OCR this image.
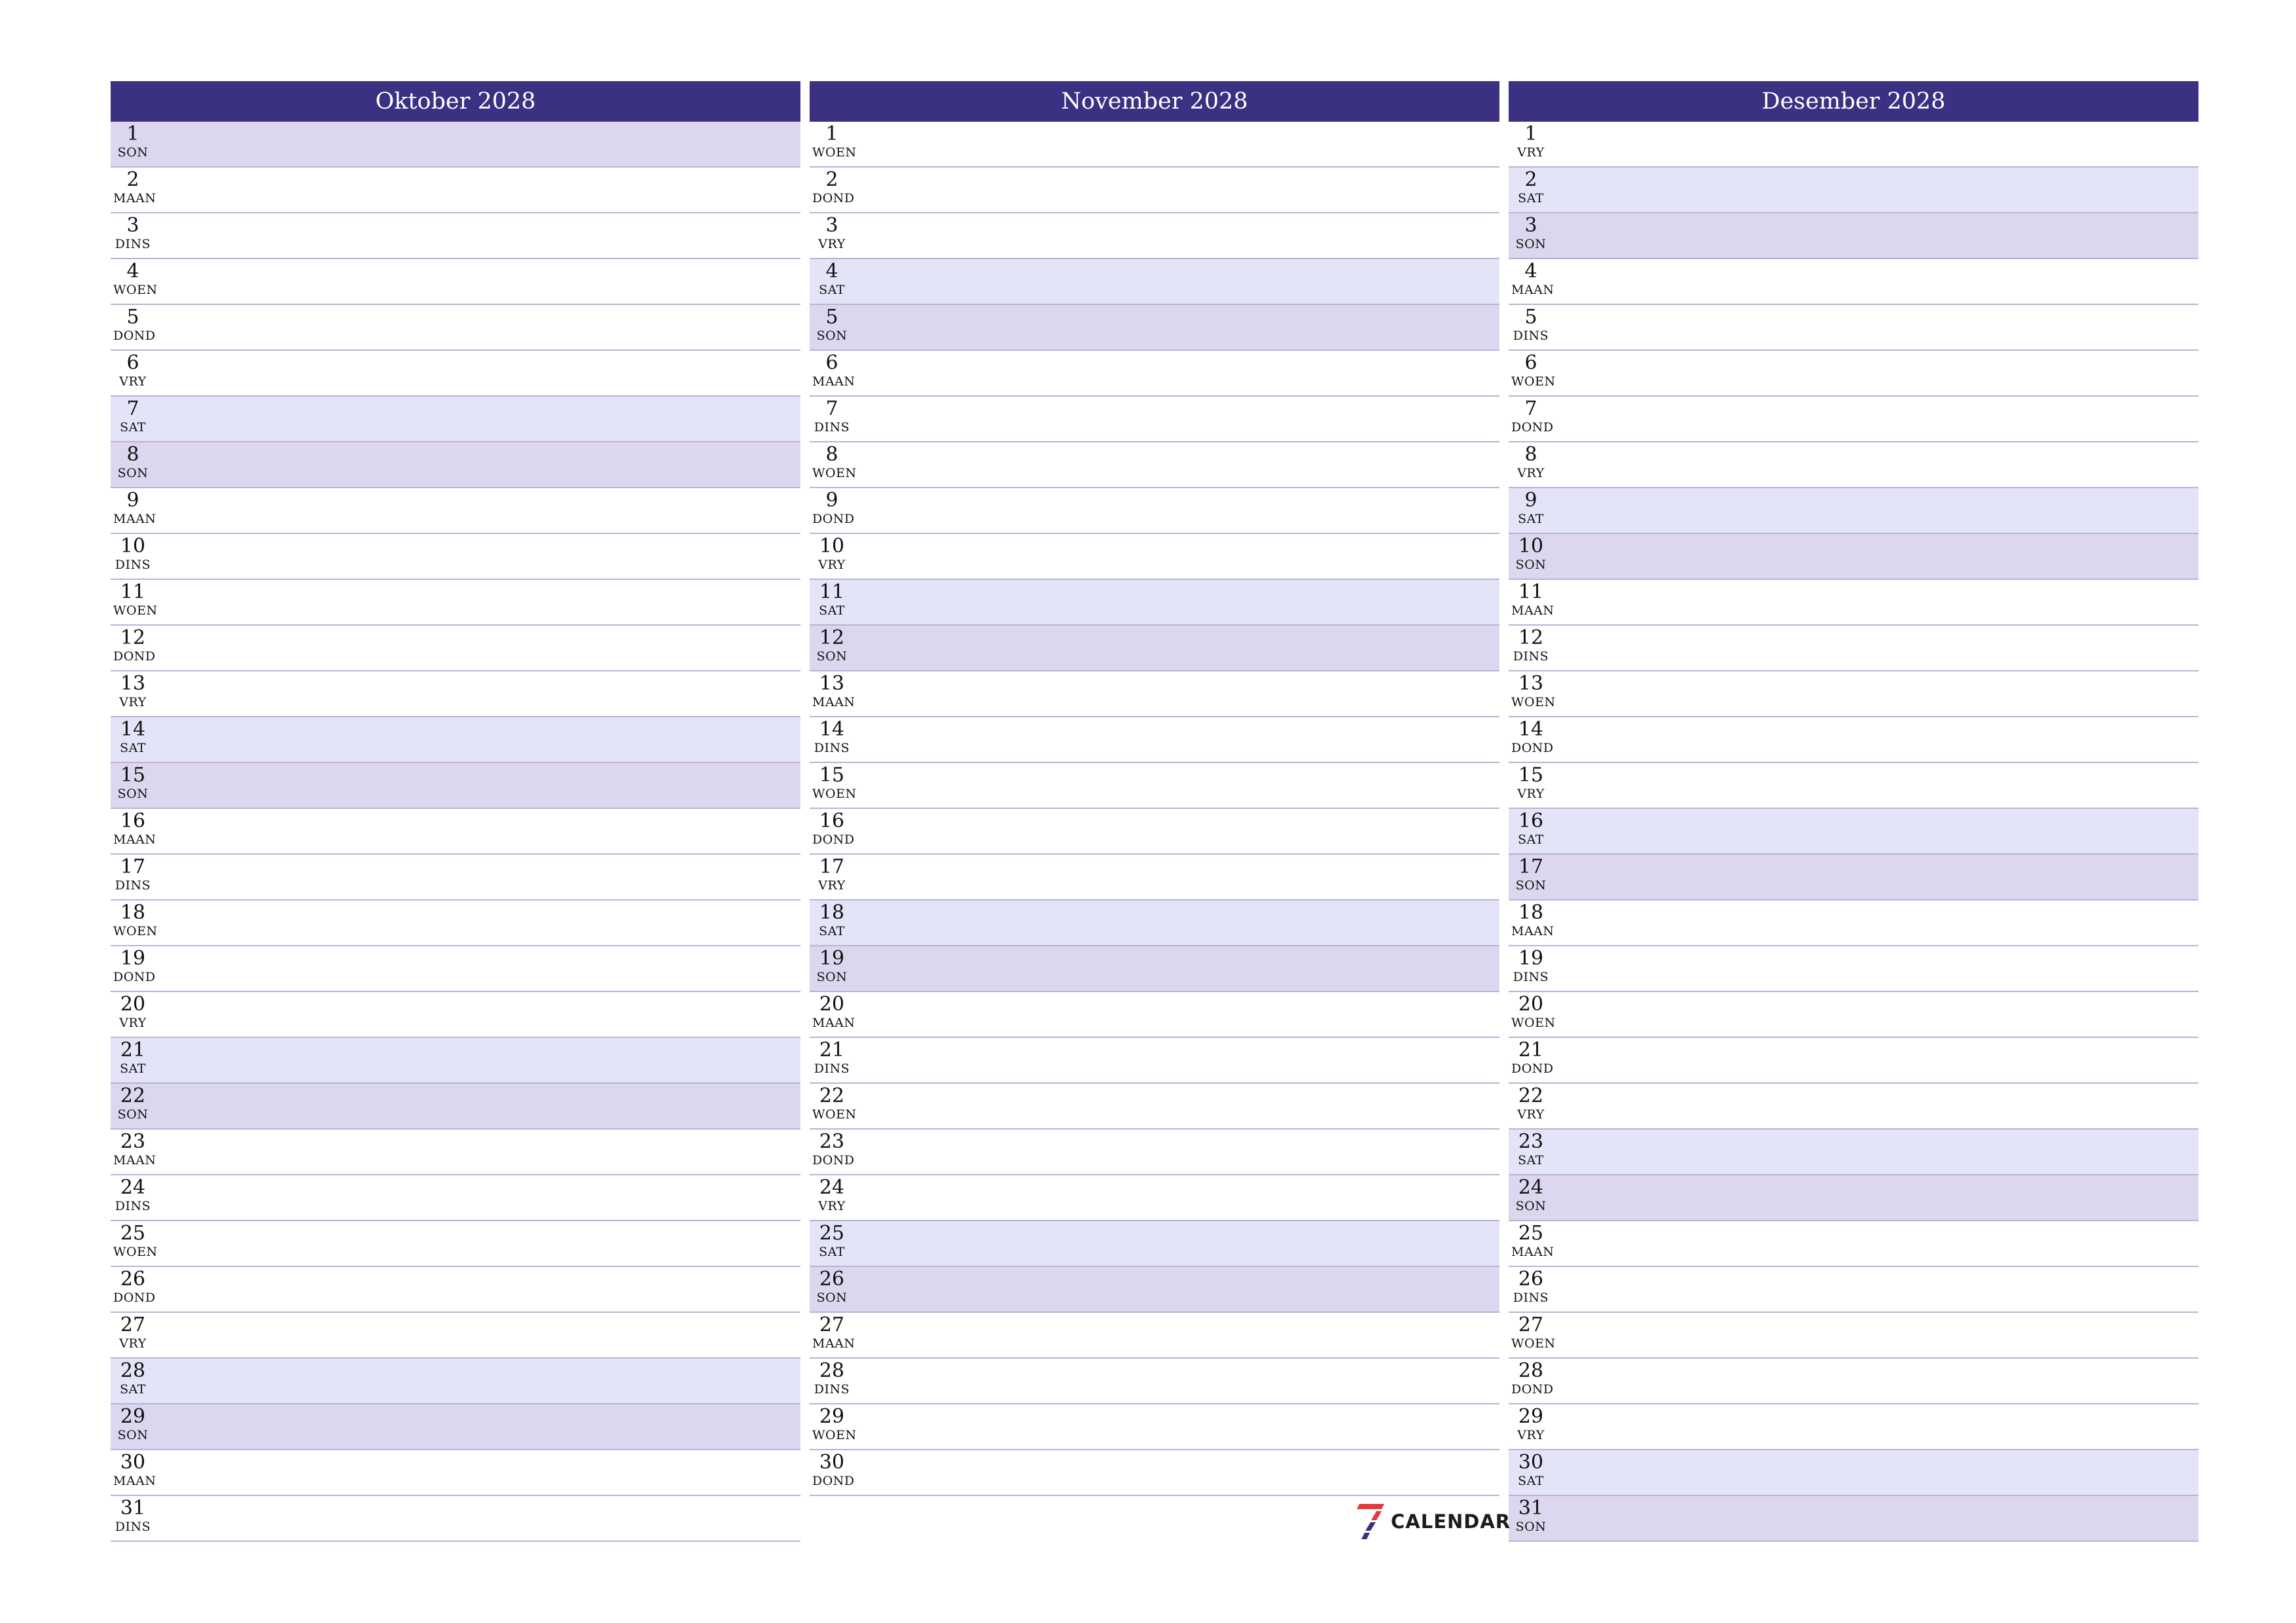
Oktober 2028
1
SON
2
MAAN
3
DINS
4
WOEN
5
DOND
6
VRY
7
SAT
8
SON
9
MAAN
10
DINS
11
WOEN
12
DOND
13
VRY
14
SAT
15
SON
16
MAAN
17
DINS
18
WOEN
19
DOND
20
VRY
21
SAT
22
SON
23
MAAN
24
DINS
25
WOEN
26
DOND
27
VRY
28
SAT
29
SON
30
MAAN
31
DINS
November 2028
1
WOEN
2
DOND
3
VRY
4
SAT
5
SON
6
MAAN
7
DINS
8
WOEN
9
DOND
10
VRY
11
SAT
12
SON
13
MAAN
14
DINS
15
WOEN
16
DOND
17
VRY
18
SAT
19
SON
20
MAAN
21
DINS
22
WOEN
23
DOND
24
VRY
25
SAT
26
SON
27
MAAN
28
DINS
29
WOEN
30
DOND
Desember 2028
1
VRY
2
SAT
3
SON
4
MAAN
5
DINS
6
WOEN
7
DOND
8
VRY
9
SAT
10
SON
11
MAAN
12
DINS
13
WOEN
14
DOND
15
VRY
16
SAT
17
SON
18
MAAN
19
DINS
20
WOEN
21
DOND
22
VRY
23
SAT
24
SON
25
MAAN
26
DINS
27
WOEN
28
DOND
29
VRY
30
SAT
31
SON
CALENDAR
